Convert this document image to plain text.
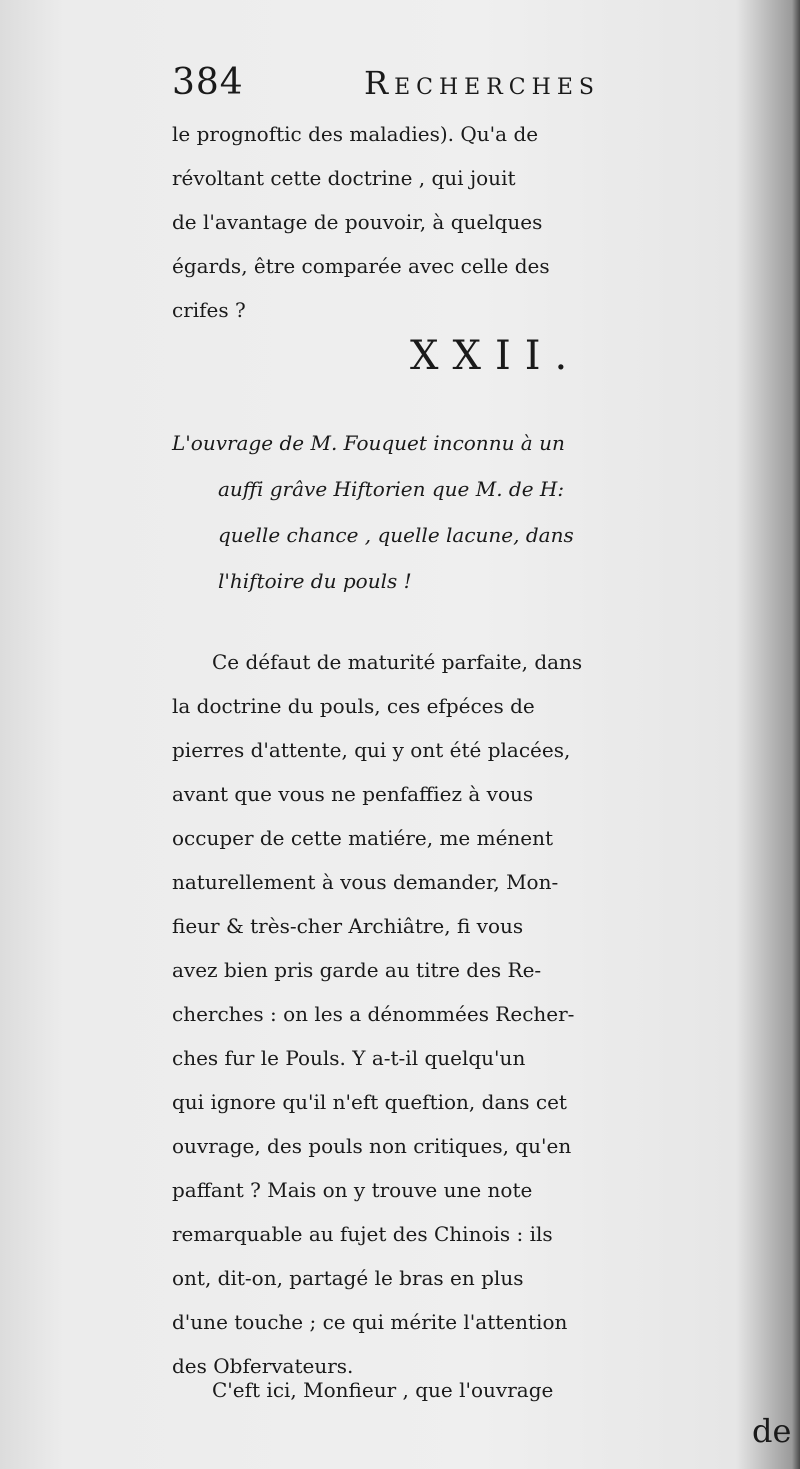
384	Recherches
le prognoftic des maladies). Qu'a de
révoltant cette doctrine , qui jouit
de l'avantage de pouvoir, à quelques
égards, être comparée avec celle des
crifes ?
XXII.
L'ouvrage de M. Fouquet inconnu à un
auffi grâve Hiftorien que M. de H:
quelle chance , quelle lacune, dans
l'hiftoire du pouls !
Ce défaut de maturité parfaite, dans
la doctrine du pouls, ces efpéces de
pierres d'attente, qui y ont été placées,
avant que vous ne penfaffiez à vous
occuper de cette matiére, me ménent
naturellement à vous demander, Mon-
fieur & très-cher Archiâtre, fi vous
avez bien pris garde au titre des Re-
cherches : on les a dénommées Recher-
ches fur le Pouls. Y a-t-il quelqu'un
qui ignore qu'il n'eft queftion, dans cet
ouvrage, des pouls non critiques, qu'en
paffant ? Mais on y trouve une note
remarquable au fujet des Chinois : ils
ont, dit-on, partagé le bras en plus
d'une touche ; ce qui mérite l'attention
des Obfervateurs.
C'eft ici, Monfieur , que l'ouvrage
de
